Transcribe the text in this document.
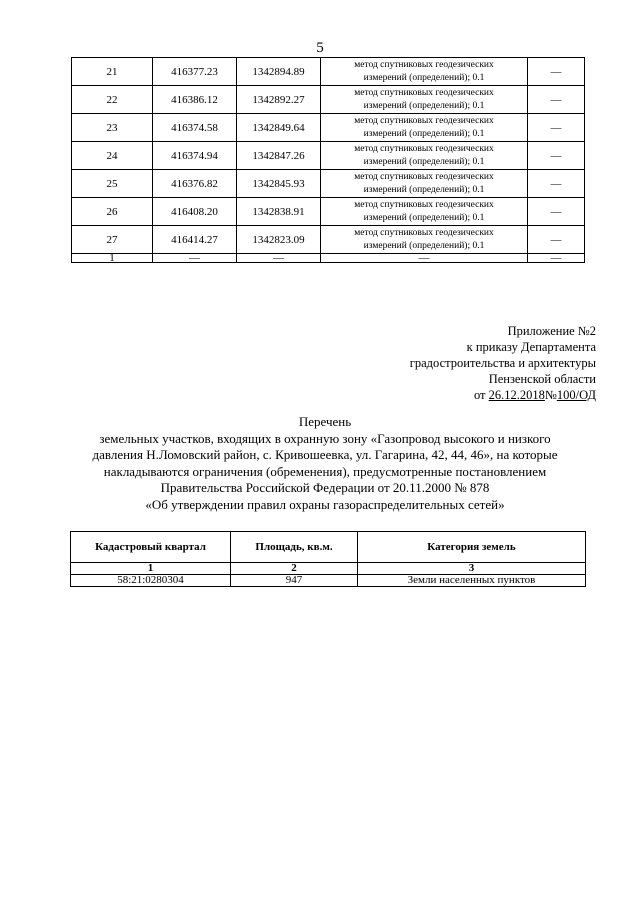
5
21	416377.23	1342894.89	метод спутниковых геодезических
измерений (определений); 0.1	—
22	416386.12	1342892.27	метод спутниковых геодезических
измерений (определений); 0.1	—
23	416374.58	1342849.64	метод спутниковых геодезических
измерений (определений); 0.1	—
24	416374.94	1342847.26	метод спутниковых геодезических
измерений (определений); 0.1	—
25	416376.82	1342845.93	метод спутниковых геодезических
измерений (определений); 0.1	—
26	416408.20	1342838.91	метод спутниковых геодезических
измерений (определений); 0.1	—
27	416414.27	1342823.09	метод спутниковых геодезических
измерений (определений); 0.1	—
1	—	—	—	—
Приложение №2
к приказу Департамента
градостроительства и архитектуры
Пензенской области
от 26.12.2018№100/ОД
Перечень
земельных участков, входящих в охранную зону «Газопровод высокого и низкого
давления Н.Ломовский район, с. Кривошеевка, ул. Гагарина, 42, 44, 46», на которые
накладываются ограничения (обременения), предусмотренные постановлением
Правительства Российской Федерации от 20.11.2000 № 878
«Об утверждении правил охраны газораспределительных сетей»
Кадастровый квартал	Площадь, кв.м.	Категория земель
1	2	3
58:21:0280304	947	Земли населенных пунктов
